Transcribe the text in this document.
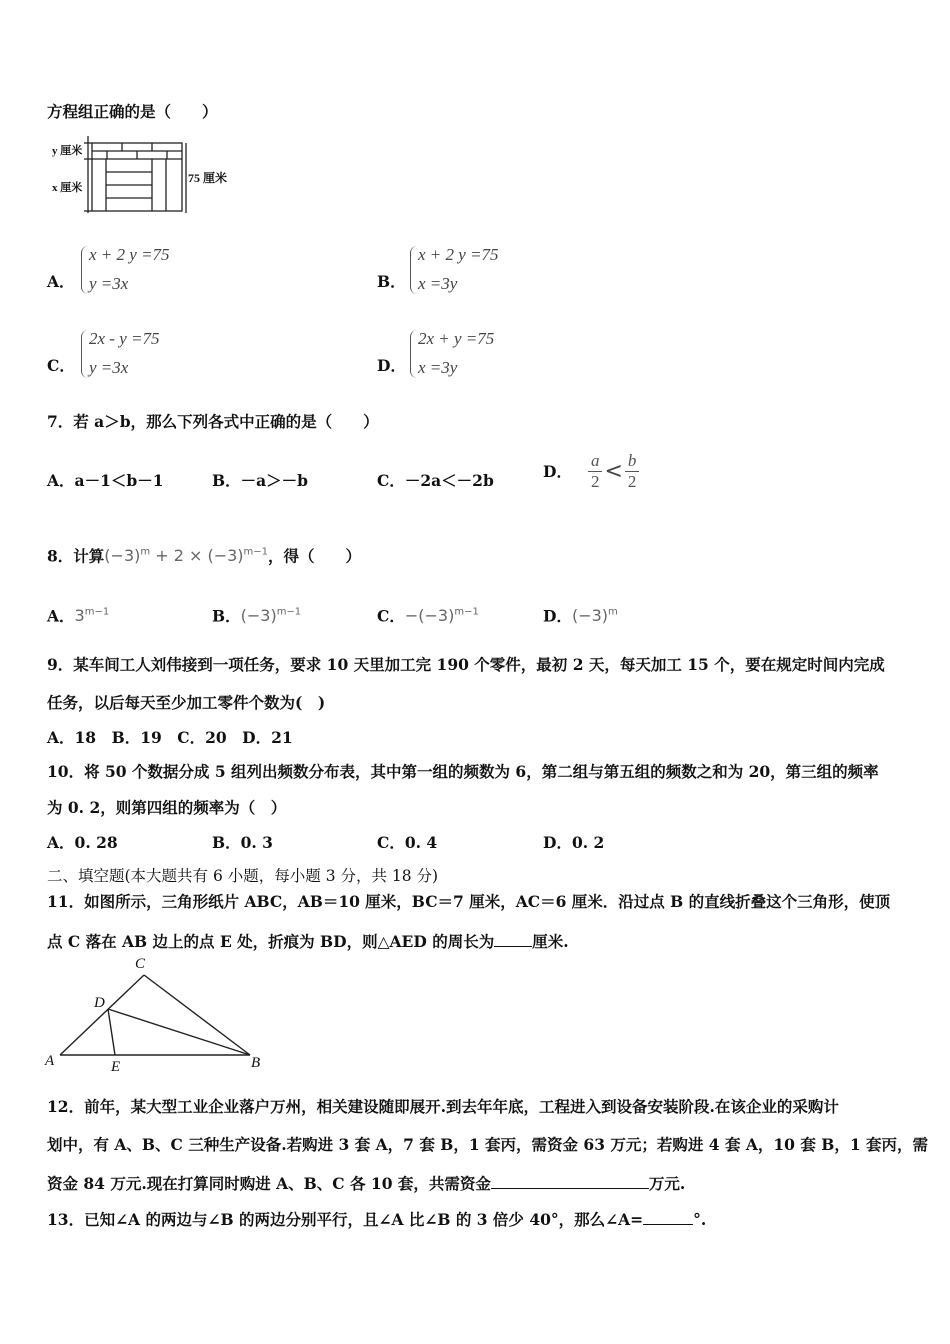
方程组正确的是（　　）
y 厘米
x 厘米
75 厘米
A．
x + 2 y =75
y =3x	B．
x + 2 y =75
x =3y
C．
2x - y =75
y =3x	D．
2x + y =75
x =3y
7．若 a＞b，那么下列各式中正确的是（　　）
A．a－1＜b－1	B．－a＞－b	C．－2a＜－2b	D． $\frac{a}{2} < \frac{b}{2}$
8．计算$(-3)^m + 2 \times (-3)^{m-1}$，得（　　）
A．$3^{m-1}$	B．$(-3)^{m-1}$	C．$-(-3)^{m-1}$	D．$(-3)^m$
9．某车间工人刘伟接到一项任务，要求 10 天里加工完 190 个零件，最初 2 天，每天加工 15 个，要在规定时间内完成
任务，以后每天至少加工零件个数为(　)
A．18　B．19　C．20　D．21
10．将 50 个数据分成 5 组列出频数分布表，其中第一组的频数为 6，第二组与第五组的频数之和为 20，第三组的频率
为 0. 2，则第四组的频率为（　）
A．0. 28	B．0. 3	C．0. 4	D．0. 2
二、填空题(本大题共有 6 小题，每小题 3 分，共 18 分)
11．如图所示，三角形纸片 ABC，AB＝10 厘米，BC＝7 厘米，AC＝6 厘米．沿过点 B 的直线折叠这个三角形，使顶
点 C 落在 AB 边上的点 E 处，折痕为 BD，则△AED 的周长为 厘米.
C
D
A	E	B
12．前年，某大型工业企业落户万州，相关建设随即展开.到去年年底，工程进入到设备安装阶段.在该企业的采购计
划中，有 A、B、C 三种生产设备.若购进 3 套 A，7 套 B，1 套丙，需资金 63 万元；若购进 4 套 A，10 套 B，1 套丙，需
资金 84 万元.现在打算同时购进 A、B、C 各 10 套，共需资金	万元.
13．已知∠A 的两边与∠B 的两边分别平行，且∠A 比∠B 的 3 倍少 40°，那么∠A=	°.
